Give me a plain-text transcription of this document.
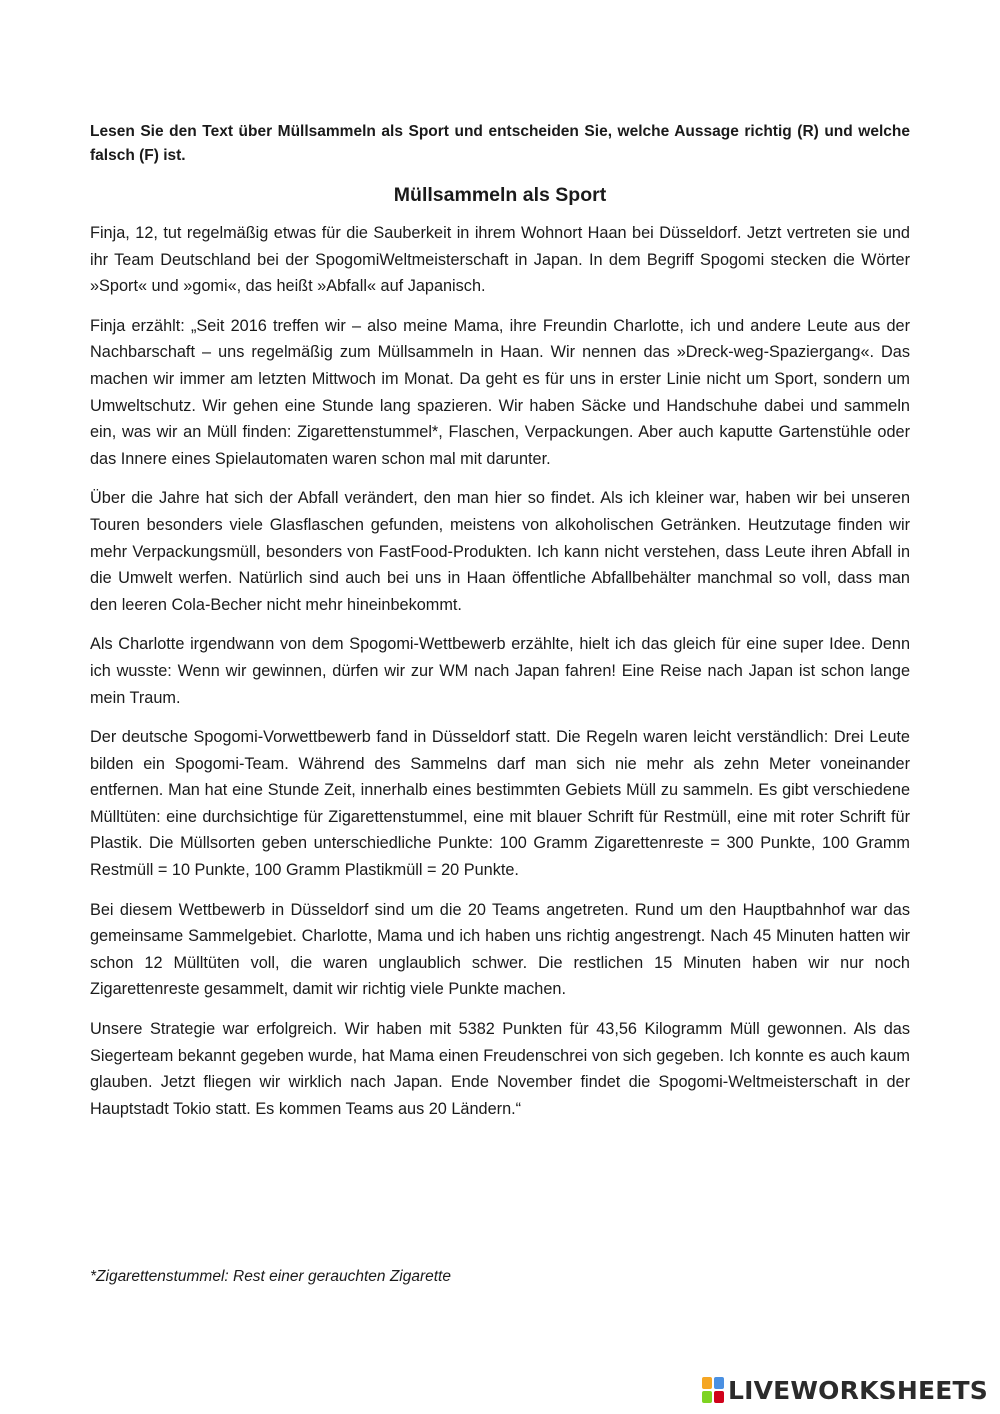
Lesen Sie den Text über Müllsammeln als Sport und entscheiden Sie, welche Aussage richtig (R) und welche falsch (F) ist.

Müllsammeln als Sport

Finja, 12, tut regelmäßig etwas für die Sauberkeit in ihrem Wohnort Haan bei Düsseldorf. Jetzt vertreten sie und ihr Team Deutschland bei der SpogomiWeltmeisterschaft in Japan. In dem Begriff Spogomi stecken die Wörter »Sport« und »gomi«, das heißt »Abfall« auf Japanisch.

Finja erzählt: „Seit 2016 treffen wir – also meine Mama, ihre Freundin Charlotte, ich und andere Leute aus der Nachbarschaft – uns regelmäßig zum Müllsammeln in Haan. Wir nennen das »Dreck-weg-Spaziergang«. Das machen wir immer am letzten Mittwoch im Monat. Da geht es für uns in erster Linie nicht um Sport, sondern um Umweltschutz. Wir gehen eine Stunde lang spazieren. Wir haben Säcke und Handschuhe dabei und sammeln ein, was wir an Müll finden: Zigarettenstummel*, Flaschen, Verpackungen. Aber auch kaputte Gartenstühle oder das Innere eines Spielautomaten waren schon mal mit darunter.

Über die Jahre hat sich der Abfall verändert, den man hier so findet. Als ich kleiner war, haben wir bei unseren Touren besonders viele Glasflaschen gefunden, meistens von alkoholischen Getränken. Heutzutage finden wir mehr Verpackungsmüll, besonders von FastFood-Produkten. Ich kann nicht verstehen, dass Leute ihren Abfall in die Umwelt werfen. Natürlich sind auch bei uns in Haan öffentliche Abfallbehälter manchmal so voll, dass man den leeren Cola-Becher nicht mehr hineinbekommt.

Als Charlotte irgendwann von dem Spogomi-Wettbewerb erzählte, hielt ich das gleich für eine super Idee. Denn ich wusste: Wenn wir gewinnen, dürfen wir zur WM nach Japan fahren! Eine Reise nach Japan ist schon lange mein Traum.

Der deutsche Spogomi-Vorwettbewerb fand in Düsseldorf statt. Die Regeln waren leicht verständlich: Drei Leute bilden ein Spogomi-Team. Während des Sammelns darf man sich nie mehr als zehn Meter voneinander entfernen. Man hat eine Stunde Zeit, innerhalb eines bestimmten Gebiets Müll zu sammeln. Es gibt verschiedene Mülltüten: eine durchsichtige für Zigarettenstummel, eine mit blauer Schrift für Restmüll, eine mit roter Schrift für Plastik. Die Müllsorten geben unterschiedliche Punkte: 100 Gramm Zigarettenreste = 300 Punkte, 100 Gramm Restmüll = 10 Punkte, 100 Gramm Plastikmüll = 20 Punkte.

Bei diesem Wettbewerb in Düsseldorf sind um die 20 Teams angetreten. Rund um den Hauptbahnhof war das gemeinsame Sammelgebiet. Charlotte, Mama und ich haben uns richtig angestrengt. Nach 45 Minuten hatten wir schon 12 Mülltüten voll, die waren unglaublich schwer. Die restlichen 15 Minuten haben wir nur noch Zigarettenreste gesammelt, damit wir richtig viele Punkte machen.

Unsere Strategie war erfolgreich. Wir haben mit 5382 Punkten für 43,56 Kilogramm Müll gewonnen. Als das Siegerteam bekannt gegeben wurde, hat Mama einen Freudenschrei von sich gegeben. Ich konnte es auch kaum glauben. Jetzt fliegen wir wirklich nach Japan. Ende November findet die Spogomi-Weltmeisterschaft in der Hauptstadt Tokio statt. Es kommen Teams aus 20 Ländern.“

*Zigarettenstummel: Rest einer gerauchten Zigarette
LIVEWORKSHEETS
